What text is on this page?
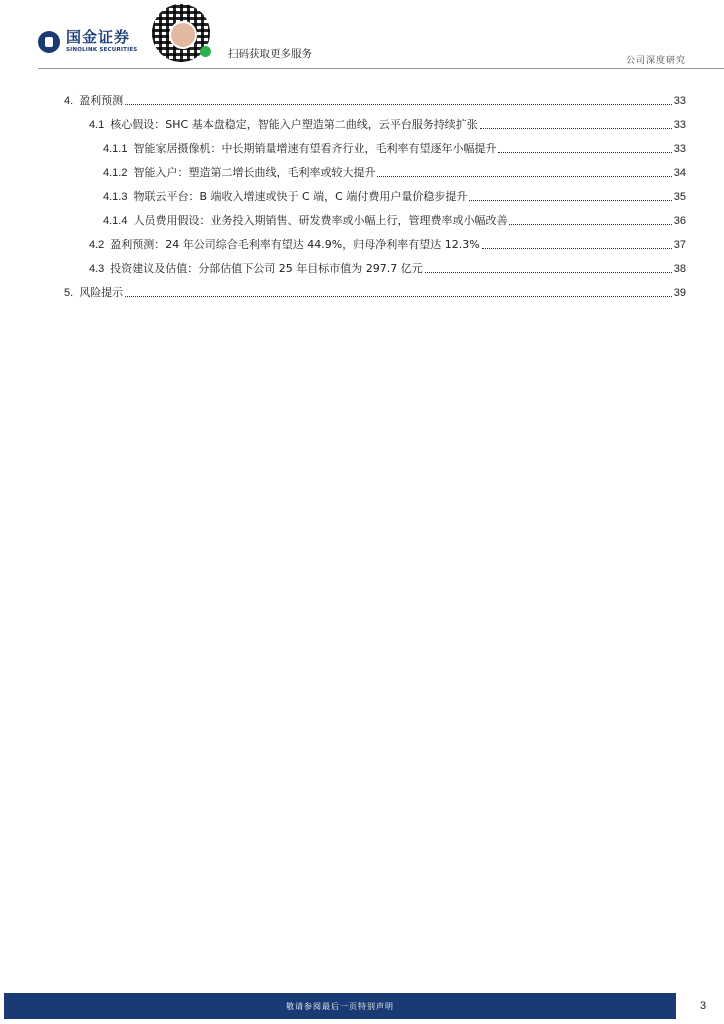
国金证券
SINOLINK SECURITIES	扫码获取更多服务
公司深度研究
4. 盈利预测	33
4.1 核心假设：SHC 基本盘稳定，智能入户塑造第二曲线，云平台服务持续扩张	33
4.1.1 智能家居摄像机：中长期销量增速有望看齐行业，毛利率有望逐年小幅提升	33
4.1.2 智能入户：塑造第二增长曲线，毛利率或较大提升	34
4.1.3 物联云平台：B 端收入增速或快于 C 端，C 端付费用户量价稳步提升	35
4.1.4 人员费用假设：业务投入期销售、研发费率或小幅上行，管理费率或小幅改善	36
4.2 盈利预测：24 年公司综合毛利率有望达 44.9%，归母净利率有望达 12.3%	37
4.3 投资建议及估值：分部估值下公司 25 年目标市值为 297.7 亿元	38
5. 风险提示	39
敬请参阅最后一页特别声明	3
